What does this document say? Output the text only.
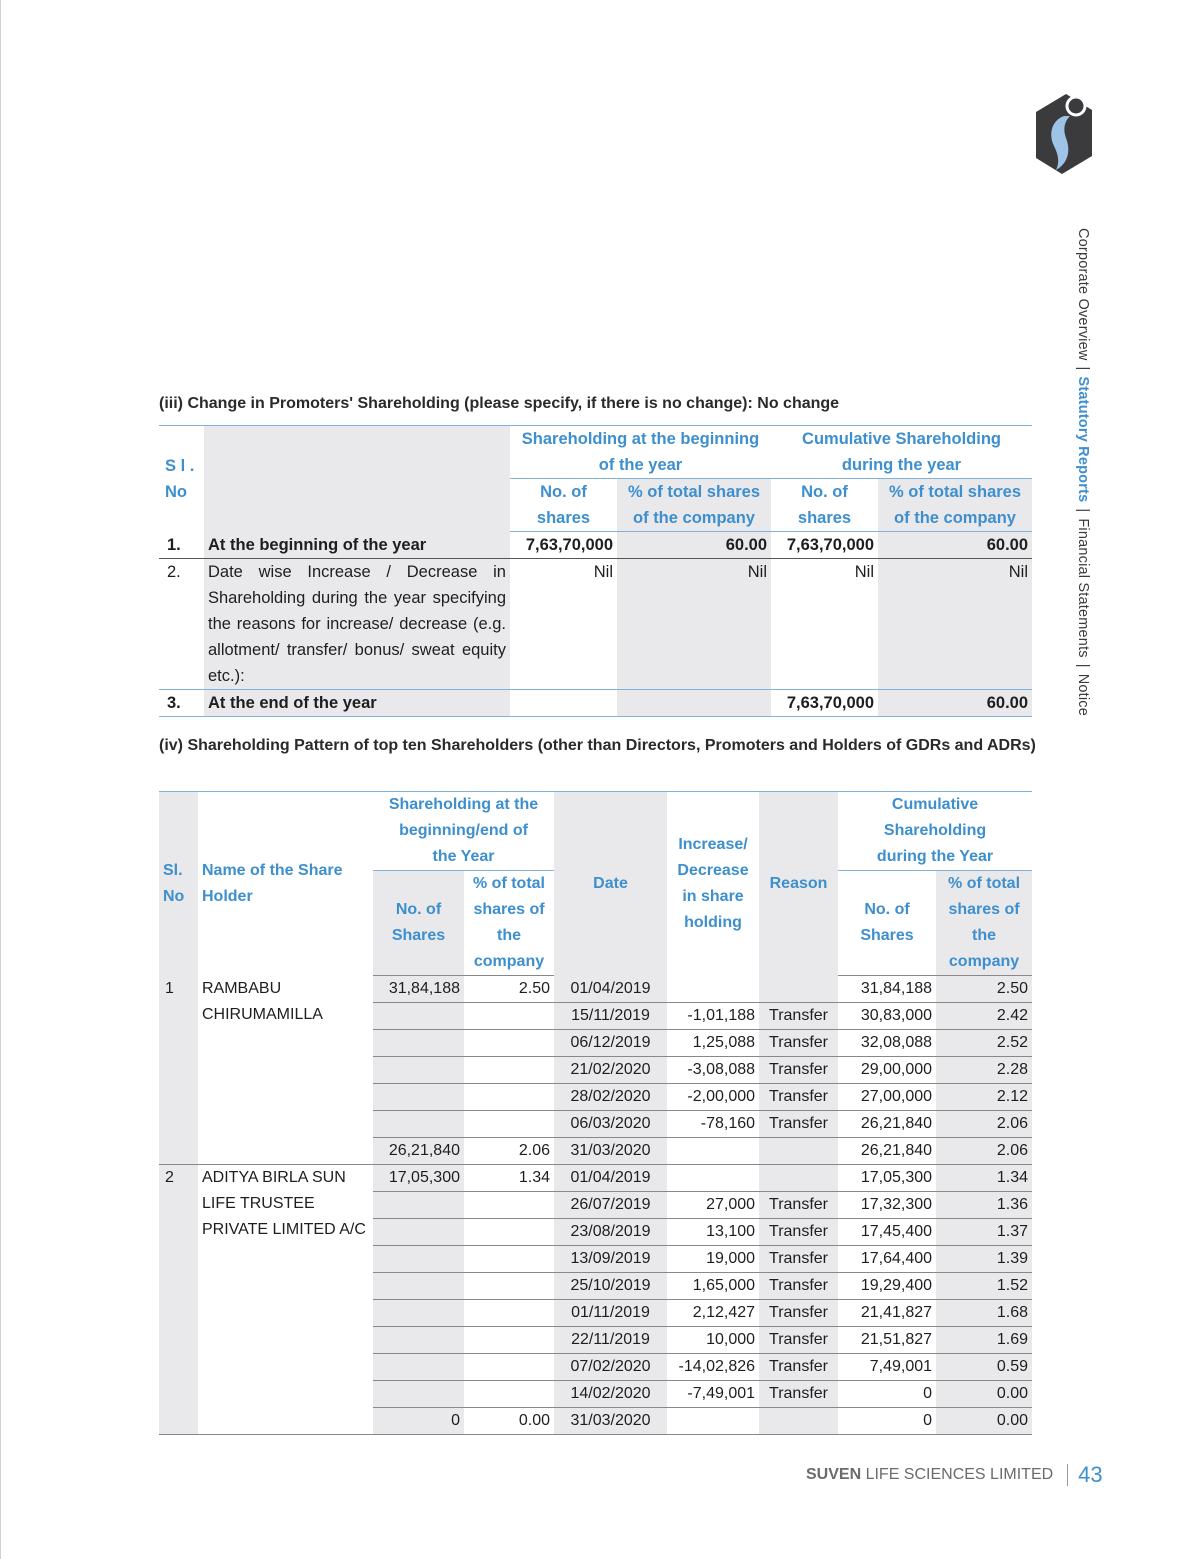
Corporate Overview|Statutory Reports|Financial Statements|Notice
(iii) Change in Promoters' Shareholding (please specify, if there is no change): No change
S l . No		Shareholding at the beginning of the year		Cumulative Shareholding during the year	
		No. of shares	% of total shares of the company	No. of shares	% of total shares of the company
1.	At the beginning of the year	7,63,70,000	60.00	7,63,70,000	60.00
2.	Date wise Increase / Decrease in Shareholding during the year specifying the reasons for increase/ decrease (e.g. allotment/ transfer/ bonus/ sweat equity etc.):	Nil	Nil	Nil	Nil
3.	At the end of the year			7,63,70,000	60.00
(iv) Shareholding Pattern of top ten Shareholders (other than Directors, Promoters and Holders of GDRs and ADRs)
Sl. No	Name of the Share Holder	Shareholding at the beginning/end of the Year		Date	Increase/ Decrease in share holding	Reason	Cumulative Shareholding during the Year	
		No. of Shares	% of total shares of the company				No. of Shares	% of total shares of the company
1	RAMBABU CHIRUMAMILLA	31,84,188	2.50	01/04/2019			31,84,188	2.50
				15/11/2019	-1,01,188	Transfer	30,83,000	2.42
				06/12/2019	1,25,088	Transfer	32,08,088	2.52
				21/02/2020	-3,08,088	Transfer	29,00,000	2.28
				28/02/2020	-2,00,000	Transfer	27,00,000	2.12
				06/03/2020	-78,160	Transfer	26,21,840	2.06
		26,21,840	2.06	31/03/2020			26,21,840	2.06
2	ADITYA BIRLA SUN LIFE TRUSTEE PRIVATE LIMITED A/C	17,05,300	1.34	01/04/2019			17,05,300	1.34
				26/07/2019	27,000	Transfer	17,32,300	1.36
				23/08/2019	13,100	Transfer	17,45,400	1.37
				13/09/2019	19,000	Transfer	17,64,400	1.39
				25/10/2019	1,65,000	Transfer	19,29,400	1.52
				01/11/2019	2,12,427	Transfer	21,41,827	1.68
				22/11/2019	10,000	Transfer	21,51,827	1.69
				07/02/2020	-14,02,826	Transfer	7,49,001	0.59
				14/02/2020	-7,49,001	Transfer	0	0.00
		0	0.00	31/03/2020			0	0.00
SUVEN LIFE SCIENCES LIMITED 43
